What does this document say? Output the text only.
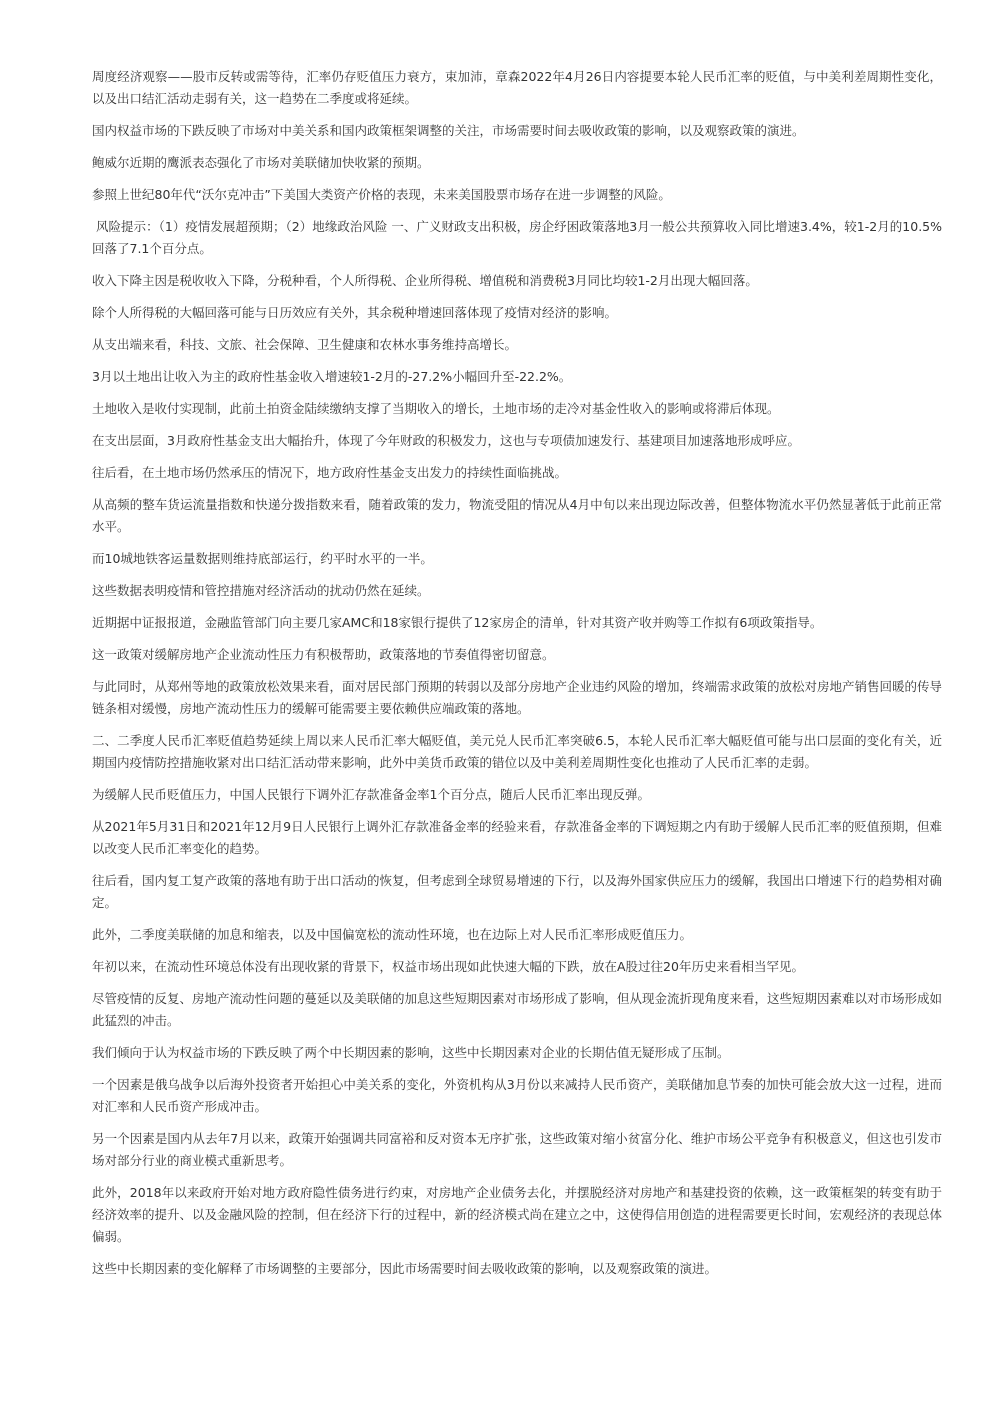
周度经济观察——股市反转或需等待，汇率仍存贬值压力衰方，束加沛，章森2022年4月26日内容提要本轮人民币汇率的贬值，与中美利差周期性变化，以及出口结汇活动走弱有关，这一趋势在二季度或将延续。

国内权益市场的下跌反映了市场对中美关系和国内政策框架调整的关注，市场需要时间去吸收政策的影响，以及观察政策的演进。

鲍威尔近期的鹰派表态强化了市场对美联储加快收紧的预期。

参照上世纪80年代“沃尔克冲击”下美国大类资产价格的表现，未来美国股票市场存在进一步调整的风险。

风险提示：（1）疫情发展超预期；（2）地缘政治风险 一、广义财政支出积极，房企纾困政策落地3月一般公共预算收入同比增速3.4%，较1-2月的10.5%回落了7.1个百分点。

收入下降主因是税收收入下降，分税种看，个人所得税、企业所得税、增值税和消费税3月同比均较1-2月出现大幅回落。

除个人所得税的大幅回落可能与日历效应有关外，其余税种增速回落体现了疫情对经济的影响。

从支出端来看，科技、文旅、社会保障、卫生健康和农林水事务维持高增长。

3月以土地出让收入为主的政府性基金收入增速较1-2月的-27.2%小幅回升至-22.2%。

土地收入是收付实现制，此前土拍资金陆续缴纳支撑了当期收入的增长，土地市场的走冷对基金性收入的影响或将滞后体现。

在支出层面，3月政府性基金支出大幅抬升，体现了今年财政的积极发力，这也与专项债加速发行、基建项目加速落地形成呼应。

往后看，在土地市场仍然承压的情况下，地方政府性基金支出发力的持续性面临挑战。

从高频的整车货运流量指数和快递分拨指数来看，随着政策的发力，物流受阻的情况从4月中旬以来出现边际改善，但整体物流水平仍然显著低于此前正常水平。

而10城地铁客运量数据则维持底部运行，约平时水平的一半。

这些数据表明疫情和管控措施对经济活动的扰动仍然在延续。

近期据中证报报道，金融监管部门向主要几家AMC和18家银行提供了12家房企的清单，针对其资产收并购等工作拟有6项政策指导。

这一政策对缓解房地产企业流动性压力有积极帮助，政策落地的节奏值得密切留意。

与此同时，从郑州等地的政策放松效果来看，面对居民部门预期的转弱以及部分房地产企业违约风险的增加，终端需求政策的放松对房地产销售回暖的传导链条相对缓慢，房地产流动性压力的缓解可能需要主要依赖供应端政策的落地。

二、二季度人民币汇率贬值趋势延续上周以来人民币汇率大幅贬值，美元兑人民币汇率突破6.5，本轮人民币汇率大幅贬值可能与出口层面的变化有关，近期国内疫情防控措施收紧对出口结汇活动带来影响，此外中美货币政策的错位以及中美利差周期性变化也推动了人民币汇率的走弱。

为缓解人民币贬值压力，中国人民银行下调外汇存款准备金率1个百分点，随后人民币汇率出现反弹。

从2021年5月31日和2021年12月9日人民银行上调外汇存款准备金率的经验来看，存款准备金率的下调短期之内有助于缓解人民币汇率的贬值预期，但难以改变人民币汇率变化的趋势。

往后看，国内复工复产政策的落地有助于出口活动的恢复，但考虑到全球贸易增速的下行，以及海外国家供应压力的缓解，我国出口增速下行的趋势相对确定。

此外，二季度美联储的加息和缩表，以及中国偏宽松的流动性环境，也在边际上对人民币汇率形成贬值压力。

年初以来，在流动性环境总体没有出现收紧的背景下，权益市场出现如此快速大幅的下跌，放在A股过往20年历史来看相当罕见。

尽管疫情的反复、房地产流动性问题的蔓延以及美联储的加息这些短期因素对市场形成了影响，但从现金流折现角度来看，这些短期因素难以对市场形成如此猛烈的冲击。

我们倾向于认为权益市场的下跌反映了两个中长期因素的影响，这些中长期因素对企业的长期估值无疑形成了压制。

一个因素是俄乌战争以后海外投资者开始担心中美关系的变化，外资机构从3月份以来减持人民币资产，美联储加息节奏的加快可能会放大这一过程，进而对汇率和人民币资产形成冲击。

另一个因素是国内从去年7月以来，政策开始强调共同富裕和反对资本无序扩张，这些政策对缩小贫富分化、维护市场公平竞争有积极意义，但这也引发市场对部分行业的商业模式重新思考。

此外，2018年以来政府开始对地方政府隐性债务进行约束，对房地产企业债务去化，并摆脱经济对房地产和基建投资的依赖，这一政策框架的转变有助于经济效率的提升、以及金融风险的控制，但在经济下行的过程中，新的经济模式尚在建立之中，这使得信用创造的进程需要更长时间，宏观经济的表现总体偏弱。

这些中长期因素的变化解释了市场调整的主要部分，因此市场需要时间去吸收政策的影响，以及观察政策的演进。
